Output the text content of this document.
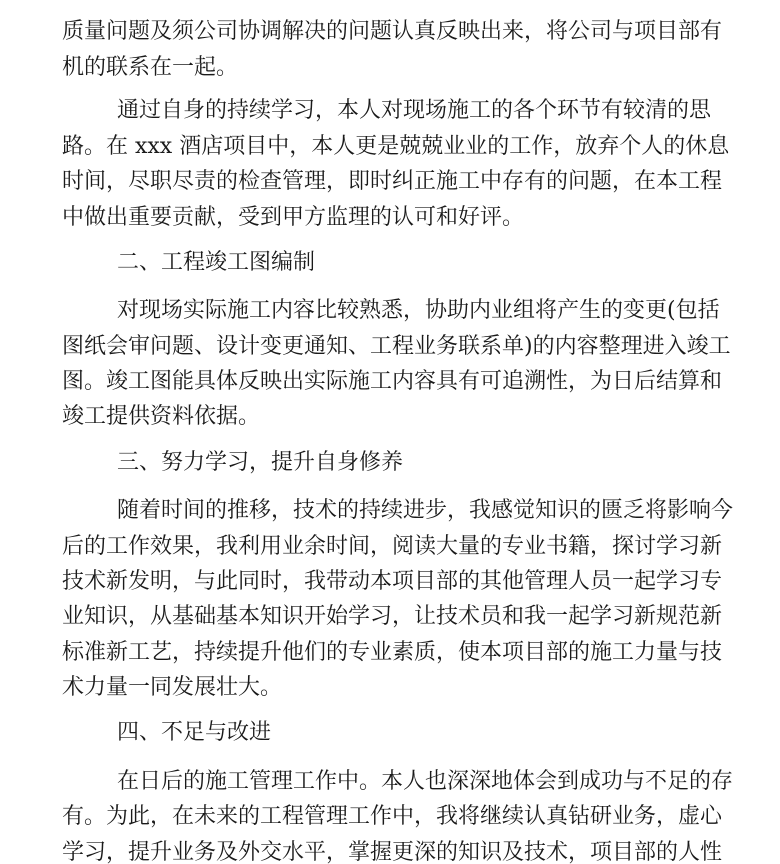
质量问题及须公司协调解决的问题认真反映出来，将公司与项目部有
机的联系在一起。
通过自身的持续学习，本人对现场施工的各个环节有较清的思
路。在 xxx 酒店项目中，本人更是兢兢业业的工作，放弃个人的休息
时间，尽职尽责的检查管理，即时纠正施工中存有的问题，在本工程
中做出重要贡献，受到甲方监理的认可和好评。
二、工程竣工图编制
对现场实际施工内容比较熟悉，协助内业组将产生的变更(包括
图纸会审问题、设计变更通知、工程业务联系单)的内容整理进入竣工
图。竣工图能具体反映出实际施工内容具有可追溯性，为日后结算和
竣工提供资料依据。
三、努力学习，提升自身修养
随着时间的推移，技术的持续进步，我感觉知识的匮乏将影响今
后的工作效果，我利用业余时间，阅读大量的专业书籍，探讨学习新
技术新发明，与此同时，我带动本项目部的其他管理人员一起学习专
业知识，从基础基本知识开始学习，让技术员和我一起学习新规范新
标准新工艺，持续提升他们的专业素质，使本项目部的施工力量与技
术力量一同发展壮大。
四、不足与改进
在日后的施工管理工作中。本人也深深地体会到成功与不足的存
有。为此，在未来的工程管理工作中，我将继续认真钻研业务，虚心
学习，提升业务及外交水平，掌握更深的知识及技术，项目部的人性
